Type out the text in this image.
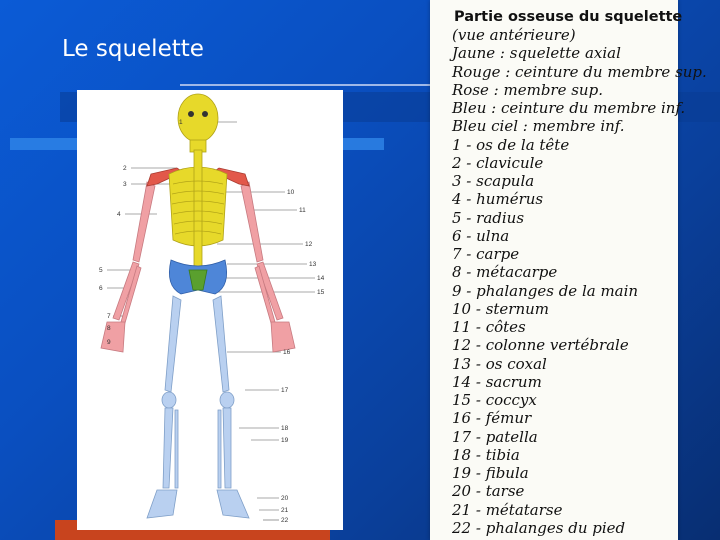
Le squelette
1
2
3
4
5
6
7
8
9
10
11
12
13
14
15
16
17
18
19
20
21
22
Partie osseuse du squelette
(vue antérieure)
Jaune : squelette axial
Rouge : ceinture du membre sup.
Rose : membre sup.
Bleu : ceinture du membre inf.
Bleu ciel : membre inf.
1 - os de la tête
2 - clavicule
3 - scapula
4 - humérus
5 - radius
6 - ulna
7 - carpe
8 - métacarpe
9 - phalanges de la main
10 - sternum
11 - côtes
12 - colonne vertébrale
13 - os coxal
14 - sacrum
15 - coccyx
16 - fémur
17 - patella
18 - tibia
19 - fibula
20 - tarse
21 - métatarse
22 - phalanges du pied
